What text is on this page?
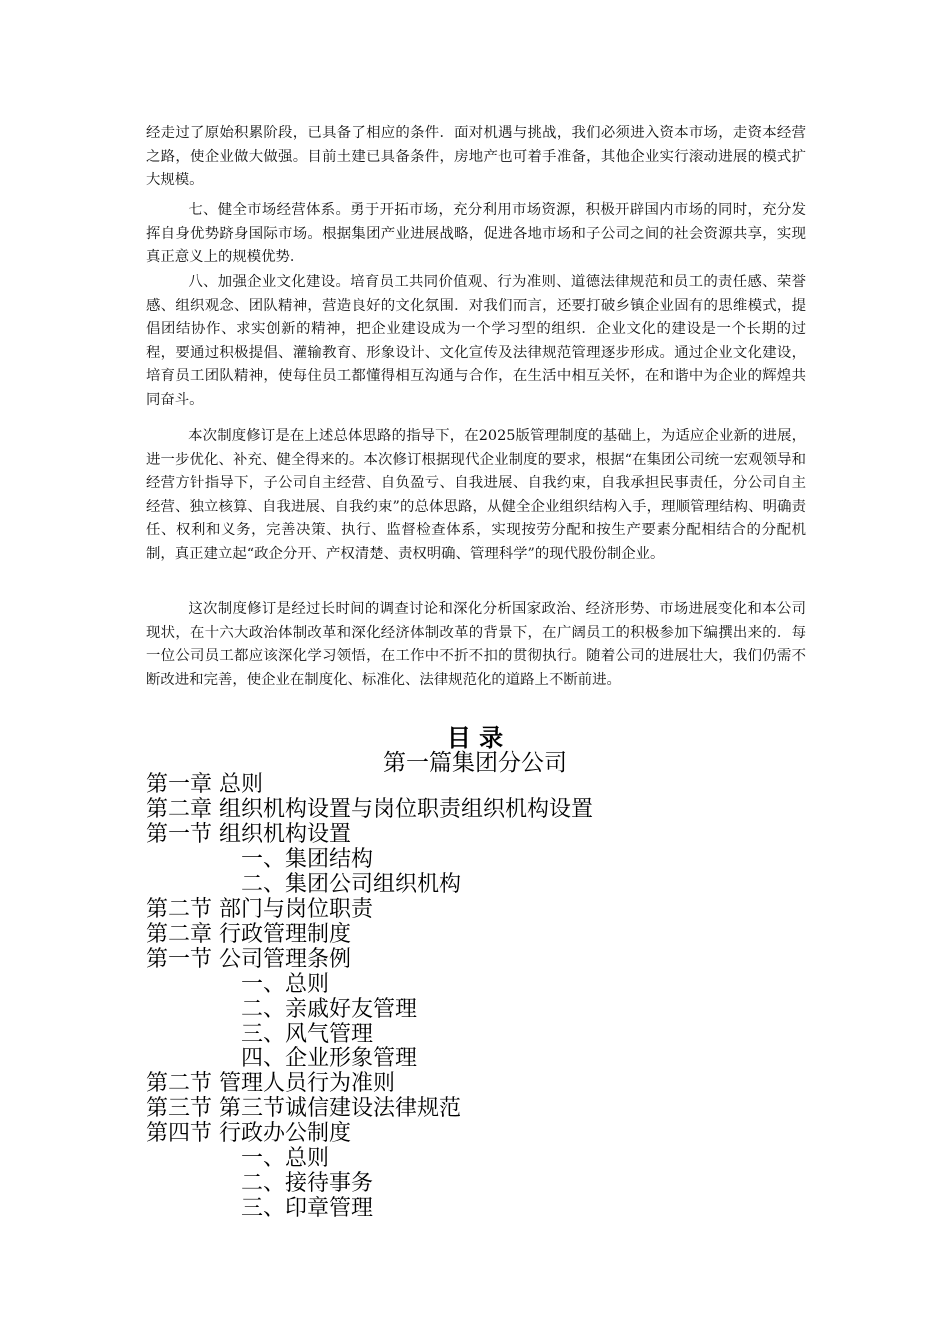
经走过了原始积累阶段，已具备了相应的条件．面对机遇与挑战，我们必须进入资本市场，走资本经营之路，使企业做大做强。目前土建已具备条件，房地产也可着手准备，其他企业实行滚动进展的模式扩大规模。

七、健全市场经营体系。勇于开拓市场，充分利用市场资源，积极开辟国内市场的同时，充分发挥自身优势跻身国际市场。根据集团产业进展战略，促进各地市场和子公司之间的社会资源共享，实现真正意义上的规模优势．

八、加强企业文化建设。培育员工共同价值观、行为准则、道德法律规范和员工的责任感、荣誉感、组织观念、团队精神，营造良好的文化氛围．对我们而言，还要打破乡镇企业固有的思维模式，提倡团结协作、求实创新的精神，把企业建设成为一个学习型的组织．企业文化的建设是一个长期的过程，要通过积极提倡、灌输教育、形象设计、文化宣传及法律规范管理逐步形成。通过企业文化建设，培育员工团队精神，使每住员工都懂得相互沟通与合作，在生活中相互关怀，在和谐中为企业的辉煌共同奋斗。

本次制度修订是在上述总体思路的指导下，在2025版管理制度的基础上，为适应企业新的进展，进一步优化、补充、健全得来的。本次修订根据现代企业制度的要求，根据“在集团公司统一宏观领导和经营方针指导下，子公司自主经营、自负盈亏、自我进展、自我约束，自我承担民事责任，分公司自主经营、独立核算、自我进展、自我约束”的总体思路，从健全企业组织结构入手，理顺管理结构、明确责任、权利和义务，完善决策、执行、监督检查体系，实现按劳分配和按生产要素分配相结合的分配机制，真正建立起“政企分开、产权清楚、责权明确、管理科学”的现代股份制企业。

这次制度修订是经过长时间的调查讨论和深化分析国家政治、经济形势、市场进展变化和本公司现状，在十六大政治体制改革和深化经济体制改革的背景下，在广阔员工的积极参加下编撰出来的．每一位公司员工都应该深化学习领悟，在工作中不折不扣的贯彻执行。随着公司的进展壮大，我们仍需不断改进和完善，使企业在制度化、标准化、法律规范化的道路上不断前进。

目 录
第一篇集团分公司
第一章 总则
第二章 组织机构设置与岗位职责组织机构设置
第一节 组织机构设置
一、集团结构
二、集团公司组织机构
第二节 部门与岗位职责
第二章 行政管理制度
第一节 公司管理条例
一、总则
二、亲戚好友管理
三、风气管理
四、企业形象管理
第二节 管理人员行为准则
第三节 第三节诚信建设法律规范
第四节 行政办公制度
一、总则
二、接待事务
三、印章管理
